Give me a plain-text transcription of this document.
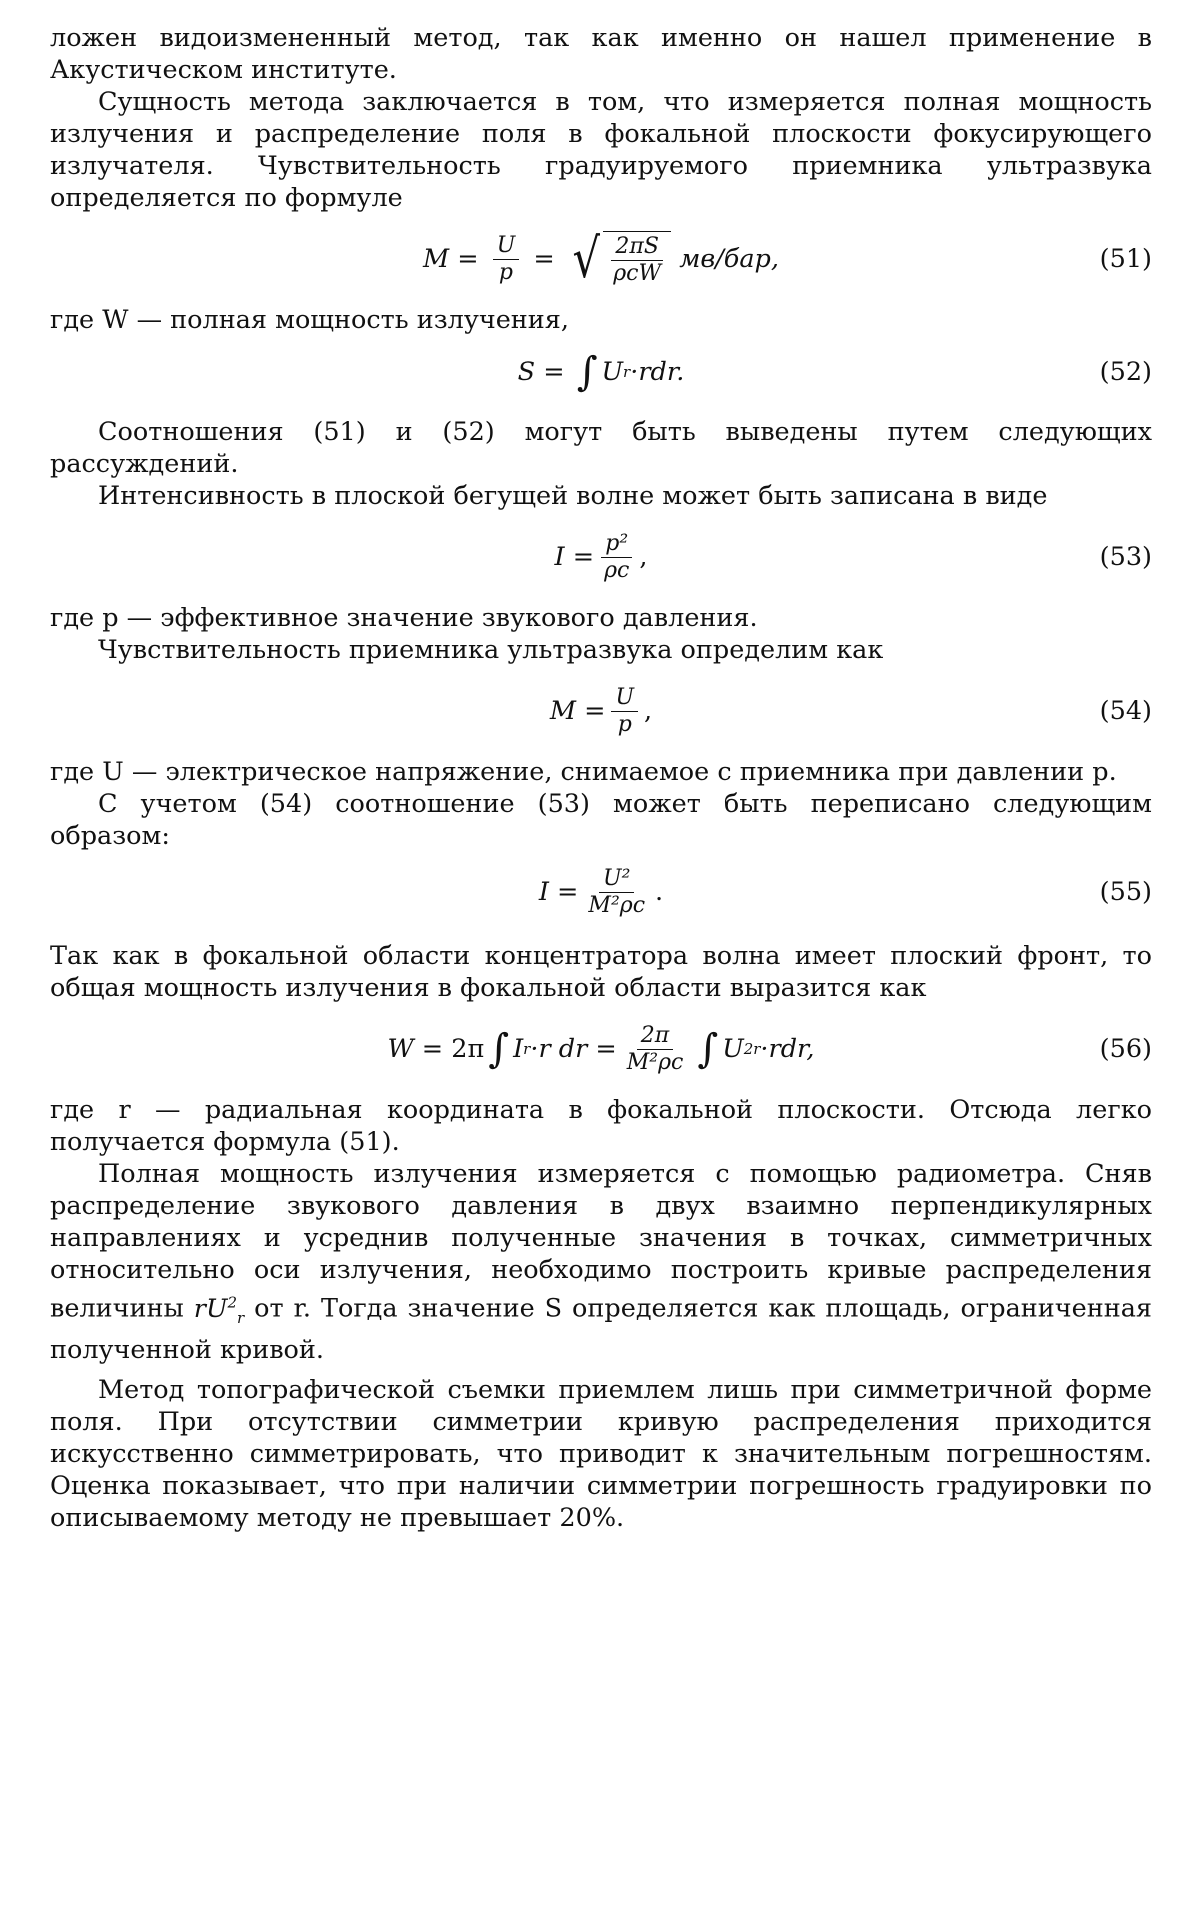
ложен видоизмененный метод, так как именно он нашел применение в Акустическом институте.

Сущность метода заключается в том, что измеряется полная мощность излучения и распределение поля в фокальной плоскости фокусирующего излучателя. Чувствительность градуируемого приемника ультразвука определяется по формуле

$M = \frac{U}{p}$ = √ $\frac{2\pi S}{\text{ρcW}}$
мв/бар,	(51)

где W — полная мощность излучения,

S = ∫ U r ·rdr.	(52)

Соотношения (51) и (52) могут быть выведены путем следующих рассуждений.

Интенсивность в плоской бегущей волне может быть записана в виде

$I = \frac{\text{p²}}{\rho c}$ ,	(53)

где p — эффективное значение звукового давления.

Чувствительность приемника ультразвука определим как

$M = \frac{U}{p}$ ,	(54)

где U — электрическое напряжение, снимаемое с приемника при давлении p.

С учетом (54) соотношение (53) может быть переписано следующим образом:

$I = \frac{\text{U²}}{\text{M²ρc}}$ .	(55)

Так как в фокальной области концентратора волна имеет плоский фронт, то общая мощность излучения в фокальной области выразится как

W = 2π ∫ I r ·r dr = $\frac{2\pi}{\text{M²ρc}}$ ∫ U 2 r ·rdr,	(56)

где r — радиальная координата в фокальной плоскости. Отсюда легко получается формула (51).

Полная мощность излучения измеряется с помощью радиометра. Сняв распределение звукового давления в двух взаимно перпендикулярных направлениях и усреднив полученные значения в точках, симметричных относительно оси излучения, необходимо построить кривые распределения величины $rU^2_r$ от r. Тогда значение S определяется как площадь, ограниченная полученной кривой.

Метод топографической съемки приемлем лишь при симметричной форме поля. При отсутствии симметрии кривую распределения приходится искусственно симметрировать, что приводит к значительным погрешностям. Оценка показывает, что при наличии симметрии погрешность градуировки по описываемому методу не превышает 20%.
